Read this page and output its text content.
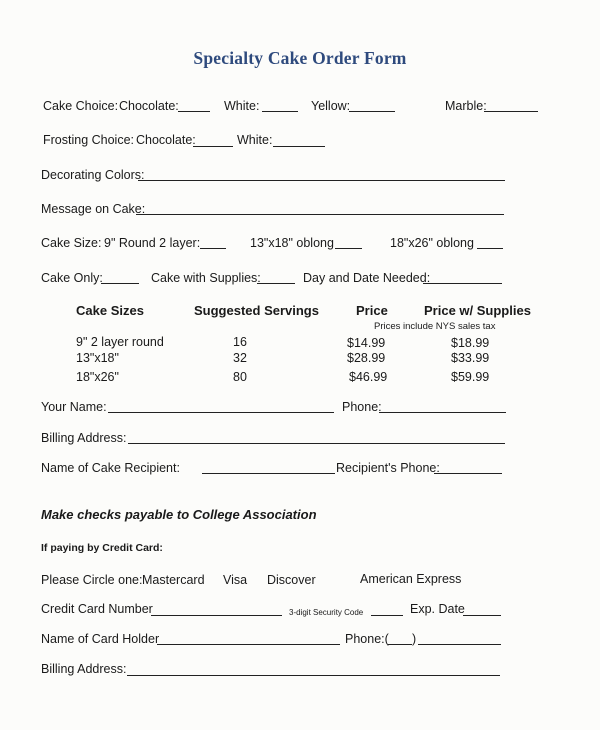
Specialty Cake Order Form
Cake Choice: Chocolate:	White:	Yellow:	Marble:
Frosting Choice: Chocolate:	White:
Decorating Colors:
Message on Cake:
Cake Size: 9" Round 2 layer:	13"x18" oblong	18"x26" oblong
Cake Only:	Cake with Supplies:	Day and Date Needed:
Cake Sizes	Suggested Servings	Price	Price w/ Supplies
Prices include NYS sales tax
9" 2 layer round	16	$14.99	$18.99
13"x18"	32	$28.99	$33.99
18"x26"	80	$46.99	$59.99
Your Name:	Phone:
Billing Address:
Name of Cake Recipient:	Recipient's Phone:
Make checks payable to College Association
If paying by Credit Card:
Please Circle one: Mastercard Visa Discover	American Express
Credit Card Number	3-digit Security Code	Exp. Date
Name of Card Holder	Phone:( )
Billing Address:
